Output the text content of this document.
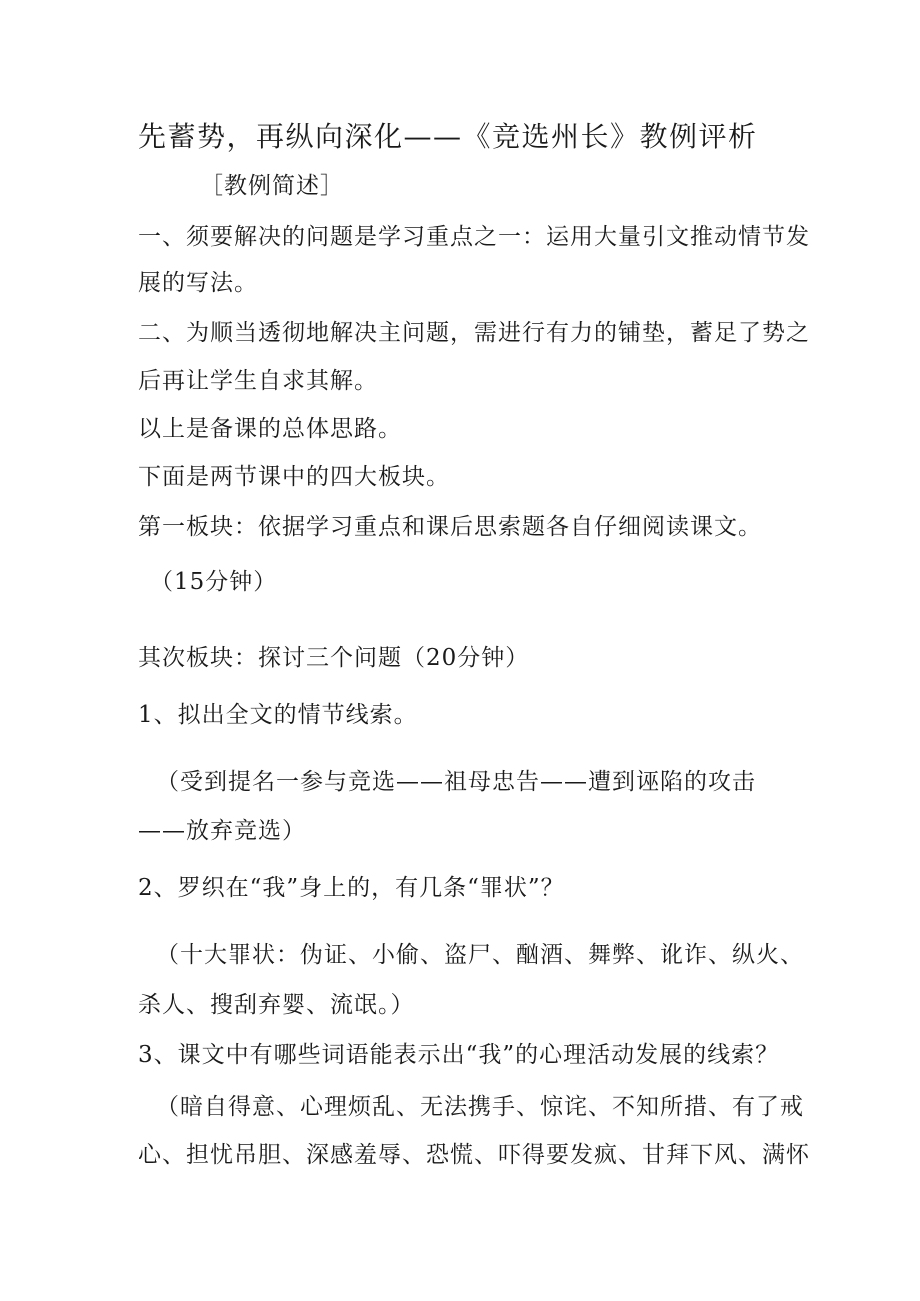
先蓄势，再纵向深化——《竞选州长》教例评析
［教例简述］
一、须要解决的问题是学习重点之一：运用大量引文推动情节发
展的写法。
二、为顺当透彻地解决主问题，需进行有力的铺垫，蓄足了势之
后再让学生自求其解。
以上是备课的总体思路。
下面是两节课中的四大板块。
第一板块：依据学习重点和课后思索题各自仔细阅读课文。
（15分钟）
其次板块：探讨三个问题（20分钟）
1、拟出全文的情节线索。
（受到提名一参与竞选——祖母忠告——遭到诬陷的攻击
——放弃竞选）
2、罗织在“我”身上的，有几条“罪状”？
（十大罪状：伪证、小偷、盗尸、酗酒、舞弊、讹诈、纵火、
杀人、搜刮弃婴、流氓。）
3、课文中有哪些词语能表示出“我”的心理活动发展的线索？
（暗自得意、心理烦乱、无法携手、惊诧、不知所措、有了戒
心、担忧吊胆、深感羞辱、恐慌、吓得要发疯、甘拜下风、满怀
